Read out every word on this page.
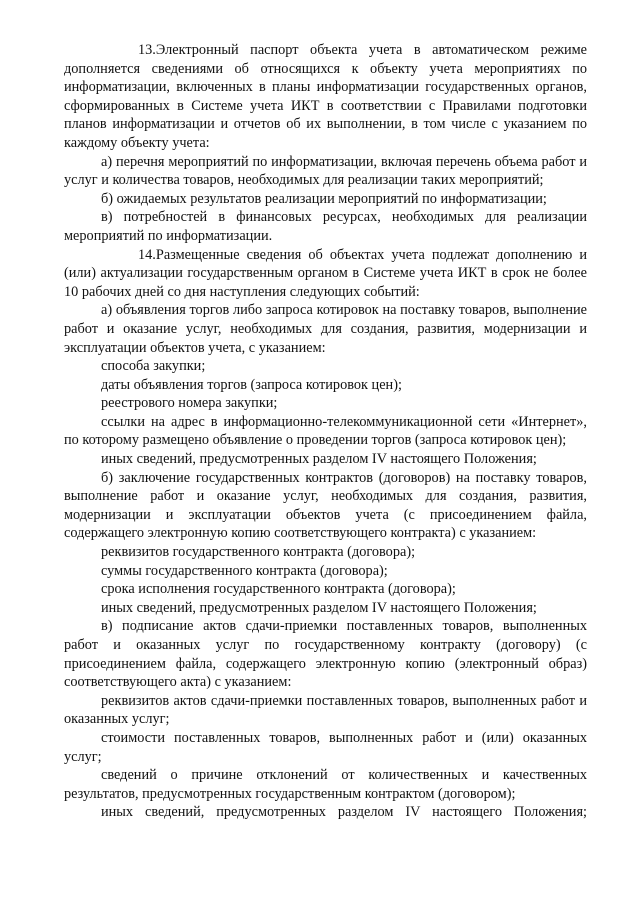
13.Электронный паспорт объекта учета в автоматическом режиме дополняется сведениями об относящихся к объекту учета мероприятиях по информатизации, включенных в планы информатизации государственных органов, сформированных в Системе учета ИКТ в соответствии с Правилами подготовки планов информатизации и отчетов об их выполнении, в том числе с указанием по каждому объекту учета:

а) перечня мероприятий по информатизации, включая перечень объема работ и услуг и количества товаров, необходимых для реализации таких мероприятий;

б) ожидаемых результатов реализации мероприятий по информатизации;

в) потребностей в финансовых ресурсах, необходимых для реализации мероприятий по информатизации.

14.Размещенные сведения об объектах учета подлежат дополнению и (или) актуализации государственным органом в Системе учета ИКТ в срок не более 10 рабочих дней со дня наступления следующих событий:

а) объявления торгов либо запроса котировок на поставку товаров, выполнение работ и оказание услуг, необходимых для создания, развития, модернизации и эксплуатации объектов учета, с указанием:

способа закупки;

даты объявления торгов (запроса котировок цен);

реестрового номера закупки;

ссылки на адрес в информационно-телекоммуникационной сети «Интернет», по которому размещено объявление о проведении торгов (запроса котировок цен);

иных сведений, предусмотренных разделом IV настоящего Положения;

б) заключение государственных контрактов (договоров) на поставку товаров, выполнение работ и оказание услуг, необходимых для создания, развития, модернизации и эксплуатации объектов учета (с присоединением файла, содержащего электронную копию соответствующего контракта) с указанием:

реквизитов государственного контракта (договора);

суммы государственного контракта (договора);

срока исполнения государственного контракта (договора);

иных сведений, предусмотренных разделом IV настоящего Положения;

в) подписание актов сдачи-приемки поставленных товаров, выполненных работ и оказанных услуг по государственному контракту (договору) (с присоединением файла, содержащего электронную копию (электронный образ) соответствующего акта) с указанием:

реквизитов актов сдачи-приемки поставленных товаров, выполненных работ и оказанных услуг;

стоимости поставленных товаров, выполненных работ и (или) оказанных услуг;

сведений о причине отклонений от количественных и качественных результатов, предусмотренных государственным контрактом (договором);

иных сведений, предусмотренных разделом IV настоящего Положения;
